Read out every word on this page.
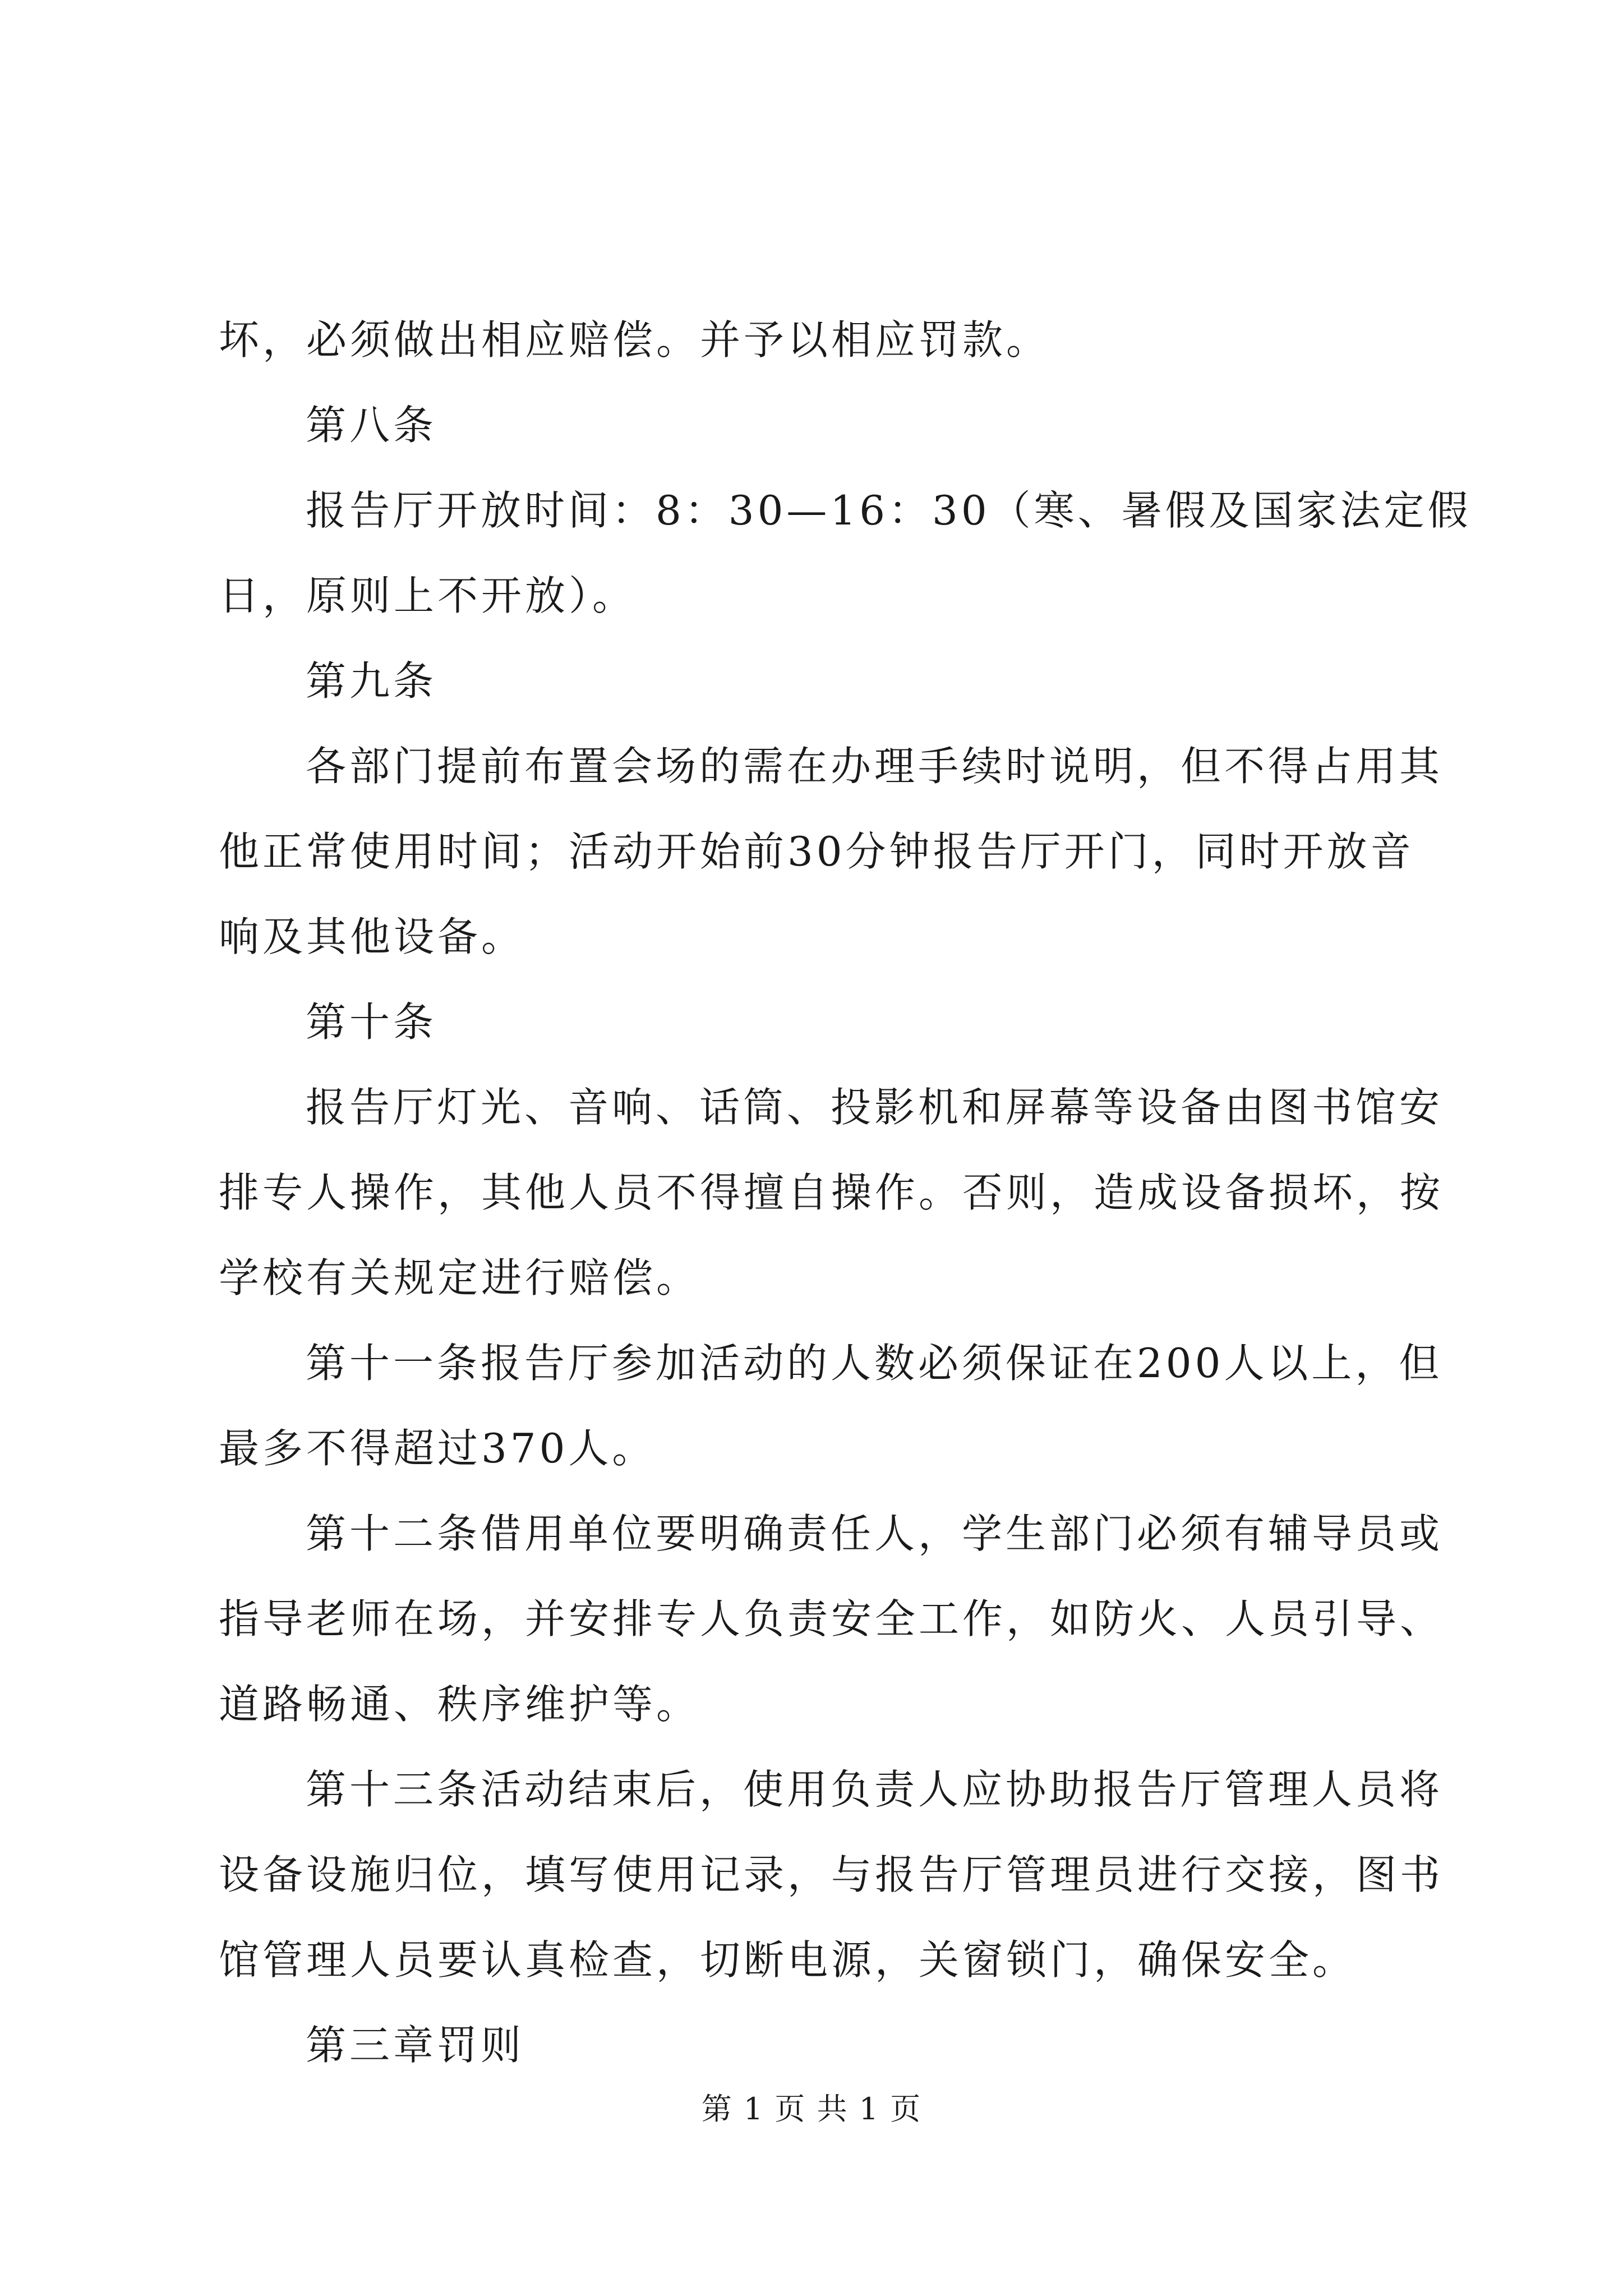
坏，必须做出相应赔偿。并予以相应罚款。
第八条
报告厅开放时间：8：30—16：30（寒、暑假及国家法定假
日，原则上不开放）。
第九条
各部门提前布置会场的需在办理手续时说明，但不得占用其
他正常使用时间；活动开始前30分钟报告厅开门，同时开放音
响及其他设备。
第十条
报告厅灯光、音响、话筒、投影机和屏幕等设备由图书馆安
排专人操作，其他人员不得擅自操作。否则，造成设备损坏，按
学校有关规定进行赔偿。
第十一条报告厅参加活动的人数必须保证在200人以上，但
最多不得超过370人。
第十二条借用单位要明确责任人，学生部门必须有辅导员或
指导老师在场，并安排专人负责安全工作，如防火、人员引导、
道路畅通、秩序维护等。
第十三条活动结束后，使用负责人应协助报告厅管理人员将
设备设施归位，填写使用记录，与报告厅管理员进行交接，图书
馆管理人员要认真检查，切断电源，关窗锁门，确保安全。
第三章罚则
第 1 页 共 1 页
